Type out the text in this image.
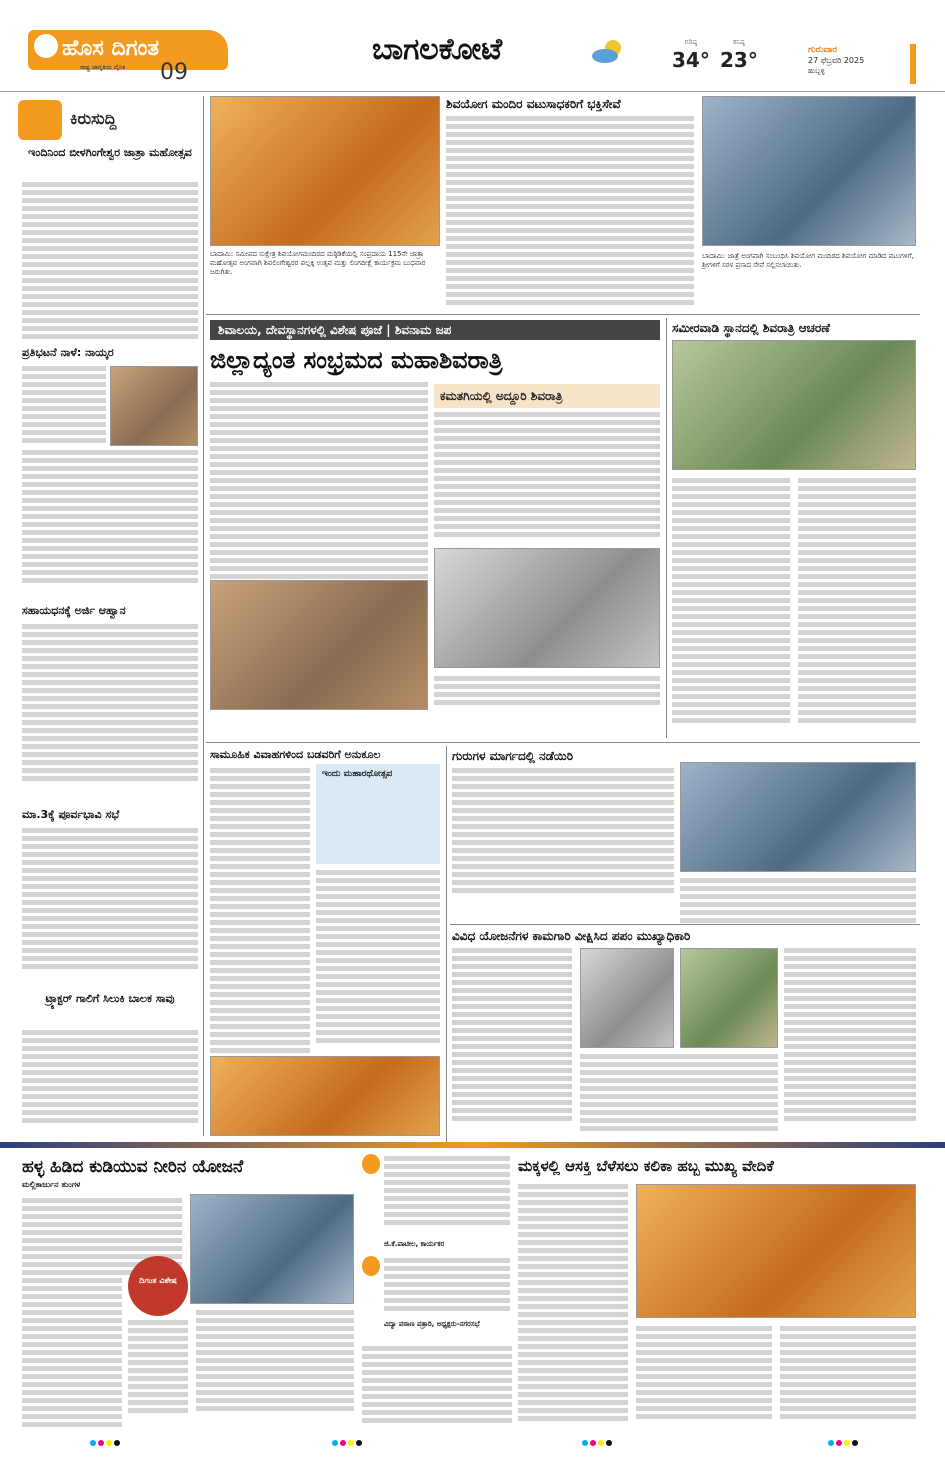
ಹೊಸ ದಿಗಂತ
ರಾಷ್ಟ್ರ ಜಾಗೃತಿಯ ದೈನಿಕ 09
ಬಾಗಲಕೋಟೆ	ಗರಿಷ್ಠ
34°
ಕನಿಷ್ಠ
23°	ಗುರುವಾರ
27 ಫೆಬ್ರವರಿ 2025
ಹುಬ್ಬಳ್ಳಿ
ಕಿರುಸುದ್ದಿ
ಇಂದಿನಿಂದ ಬೀಳಗಿಂಗೇಶ್ವರ ಜಾತ್ರಾ ಮಹೋತ್ಸವ
ಪ್ರತಿಭಟನೆ ನಾಳೆ: ನಾಯ್ಕರ
ಸಹಾಯಧನಕ್ಕೆ ಅರ್ಜಿ ಆಹ್ವಾನ
ಮಾ.3ಕ್ಕೆ ಪೂರ್ವಭಾವಿ ಸಭೆ
ಟ್ರ್ಯಾಕ್ಟರ್ ಗಾಲಿಗೆ ಸಿಲುಕಿ ಬಾಲಕ ಸಾವು
ಬಾದಾಮಿ: ಸಮೀಪದ ಸುಕ್ಷೇತ್ರ ಶಿವಯೋಗಮಂದಿರದ ಮಠ್ಠಿಡಿಕೆಯಲ್ಲಿ ಸಂಪ್ರದಾಯ 115ನೇ ಜಾತ್ರಾ ಮಹೋತ್ಸವ ಅಂಗವಾಗಿ ಶಿವಲಿಂಗೇಶ್ವರರ ಪಲ್ಲಕ್ಕಿ ಉತ್ಸವ ಮತ್ತು ಲಿಂಗದೀಕ್ಷೆ ಕಾರ್ಯಕ್ರಮ ಬುಧವಾರ ಜರುಗಿತು.
ಶಿವಯೋಗ ಮಂದಿರ ವಟುಸಾಧಕರಿಗೆ ಭಕ್ತಿಸೇವೆ
ಬಾದಾಮಿ: ಜಾತ್ರೆ ಅಂಗವಾಗಿ ಸಂಬಂಧಿಸಿ ಶಿವಯೋಗ ಮಂದಿರದ ಶಿವಯೋಗ ಮಾಡಿದ ವಟುಗಳಿಗೆ, ಶ್ರೀಗಳಿಗೆ ಸರಳ ಪ್ರಸಾದ ಸೇವೆ ಸಲ್ಲಿಸಲಾಯಿತು.
ಶಿವಾಲಯ, ದೇವಸ್ಥಾನಗಳಲ್ಲಿ ವಿಶೇಷ ಪೂಜೆ | ಶಿವನಾಮ ಜಪ
ಜಿಲ್ಲಾದ್ಯಂತ ಸಂಭ್ರಮದ ಮಹಾಶಿವರಾತ್ರಿ
ಕಮತಗಿಯಲ್ಲಿ ಅದ್ದೂರಿ ಶಿವರಾತ್ರಿ
ಸಮೀರವಾಡಿ ಸ್ಥಾನದಲ್ಲಿ ಶಿವರಾತ್ರಿ ಆಚರಣೆ
ಸಾಮೂಹಿಕ ವಿವಾಹಗಳಿಂದ ಬಡವರಿಗೆ ಅನುಕೂಲ
ಇಂದು ಮಹಾರಥೋತ್ಸವ
ಗುರುಗಳ ಮಾರ್ಗದಲ್ಲಿ ನಡೆಯಿರಿ
ವಿವಿಧ ಯೋಜನೆಗಳ ಕಾಮಗಾರಿ ವೀಕ್ಷಿಸಿದ ಪಪಂ ಮುಖ್ಯಾಧಿಕಾರಿ
ಹಳ್ಳ ಹಿಡಿದ ಕುಡಿಯುವ ನೀರಿನ ಯೋಜನೆ
ಮಲ್ಲಿಕಾರ್ಜುನ ತುಂಗಳ
ದಿಗಂತ ವಿಶೇಷ
ಜಿ.ಕೆ.ಪಾಟೀಲ, ಕಾರ್ಯಕರ
ವಿದ್ಯಾ ಪಠಾಣ ಪತ್ರಾರಿ, ಅಧ್ಯಕ್ಷರು-ನಗರಸಭೆ
ಮಕ್ಕಳಲ್ಲಿ ಆಸಕ್ತಿ ಬೆಳೆಸಲು ಕಲಿಕಾ ಹಬ್ಬ ಮುಖ್ಯ ವೇದಿಕೆ
